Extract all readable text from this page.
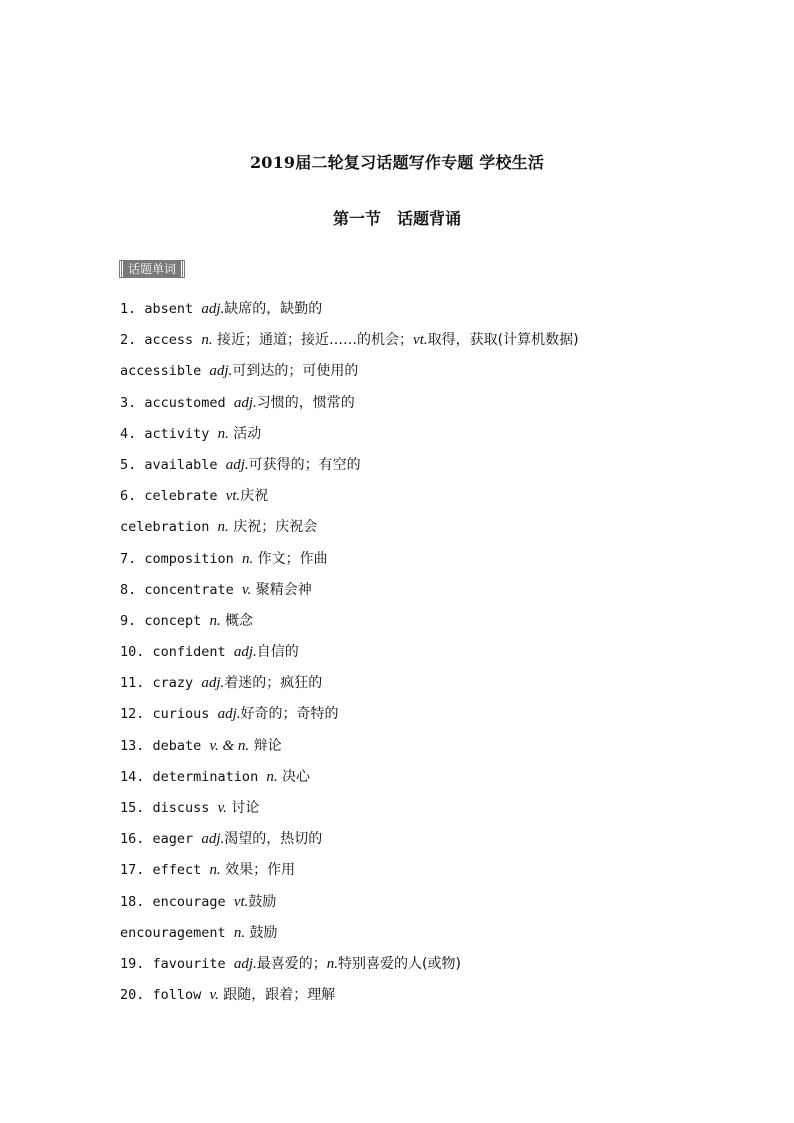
2019届二轮复习话题写作专题 学校生活
第一节　话题背诵
话题单词
1. absent adj.缺席的，缺勤的
2. access n. 接近；通道；接近……的机会；vt.取得，获取(计算机数据)
accessible adj.可到达的；可使用的
3. accustomed adj.习惯的，惯常的
4. activity n. 活动
5. available adj.可获得的；有空的
6. celebrate vt.庆祝
celebration n. 庆祝；庆祝会
7. composition n. 作文；作曲
8. concentrate v. 聚精会神
9. concept n. 概念
10. confident adj.自信的
11. crazy adj.着迷的；疯狂的
12. curious adj.好奇的；奇特的
13. debate v. & n. 辩论
14. determination n. 决心
15. discuss v. 讨论
16. eager adj.渴望的，热切的
17. effect n. 效果；作用
18. encourage vt.鼓励
encouragement n. 鼓励
19. favourite adj.最喜爱的；n.特别喜爱的人(或物)
20. follow v. 跟随，跟着；理解
